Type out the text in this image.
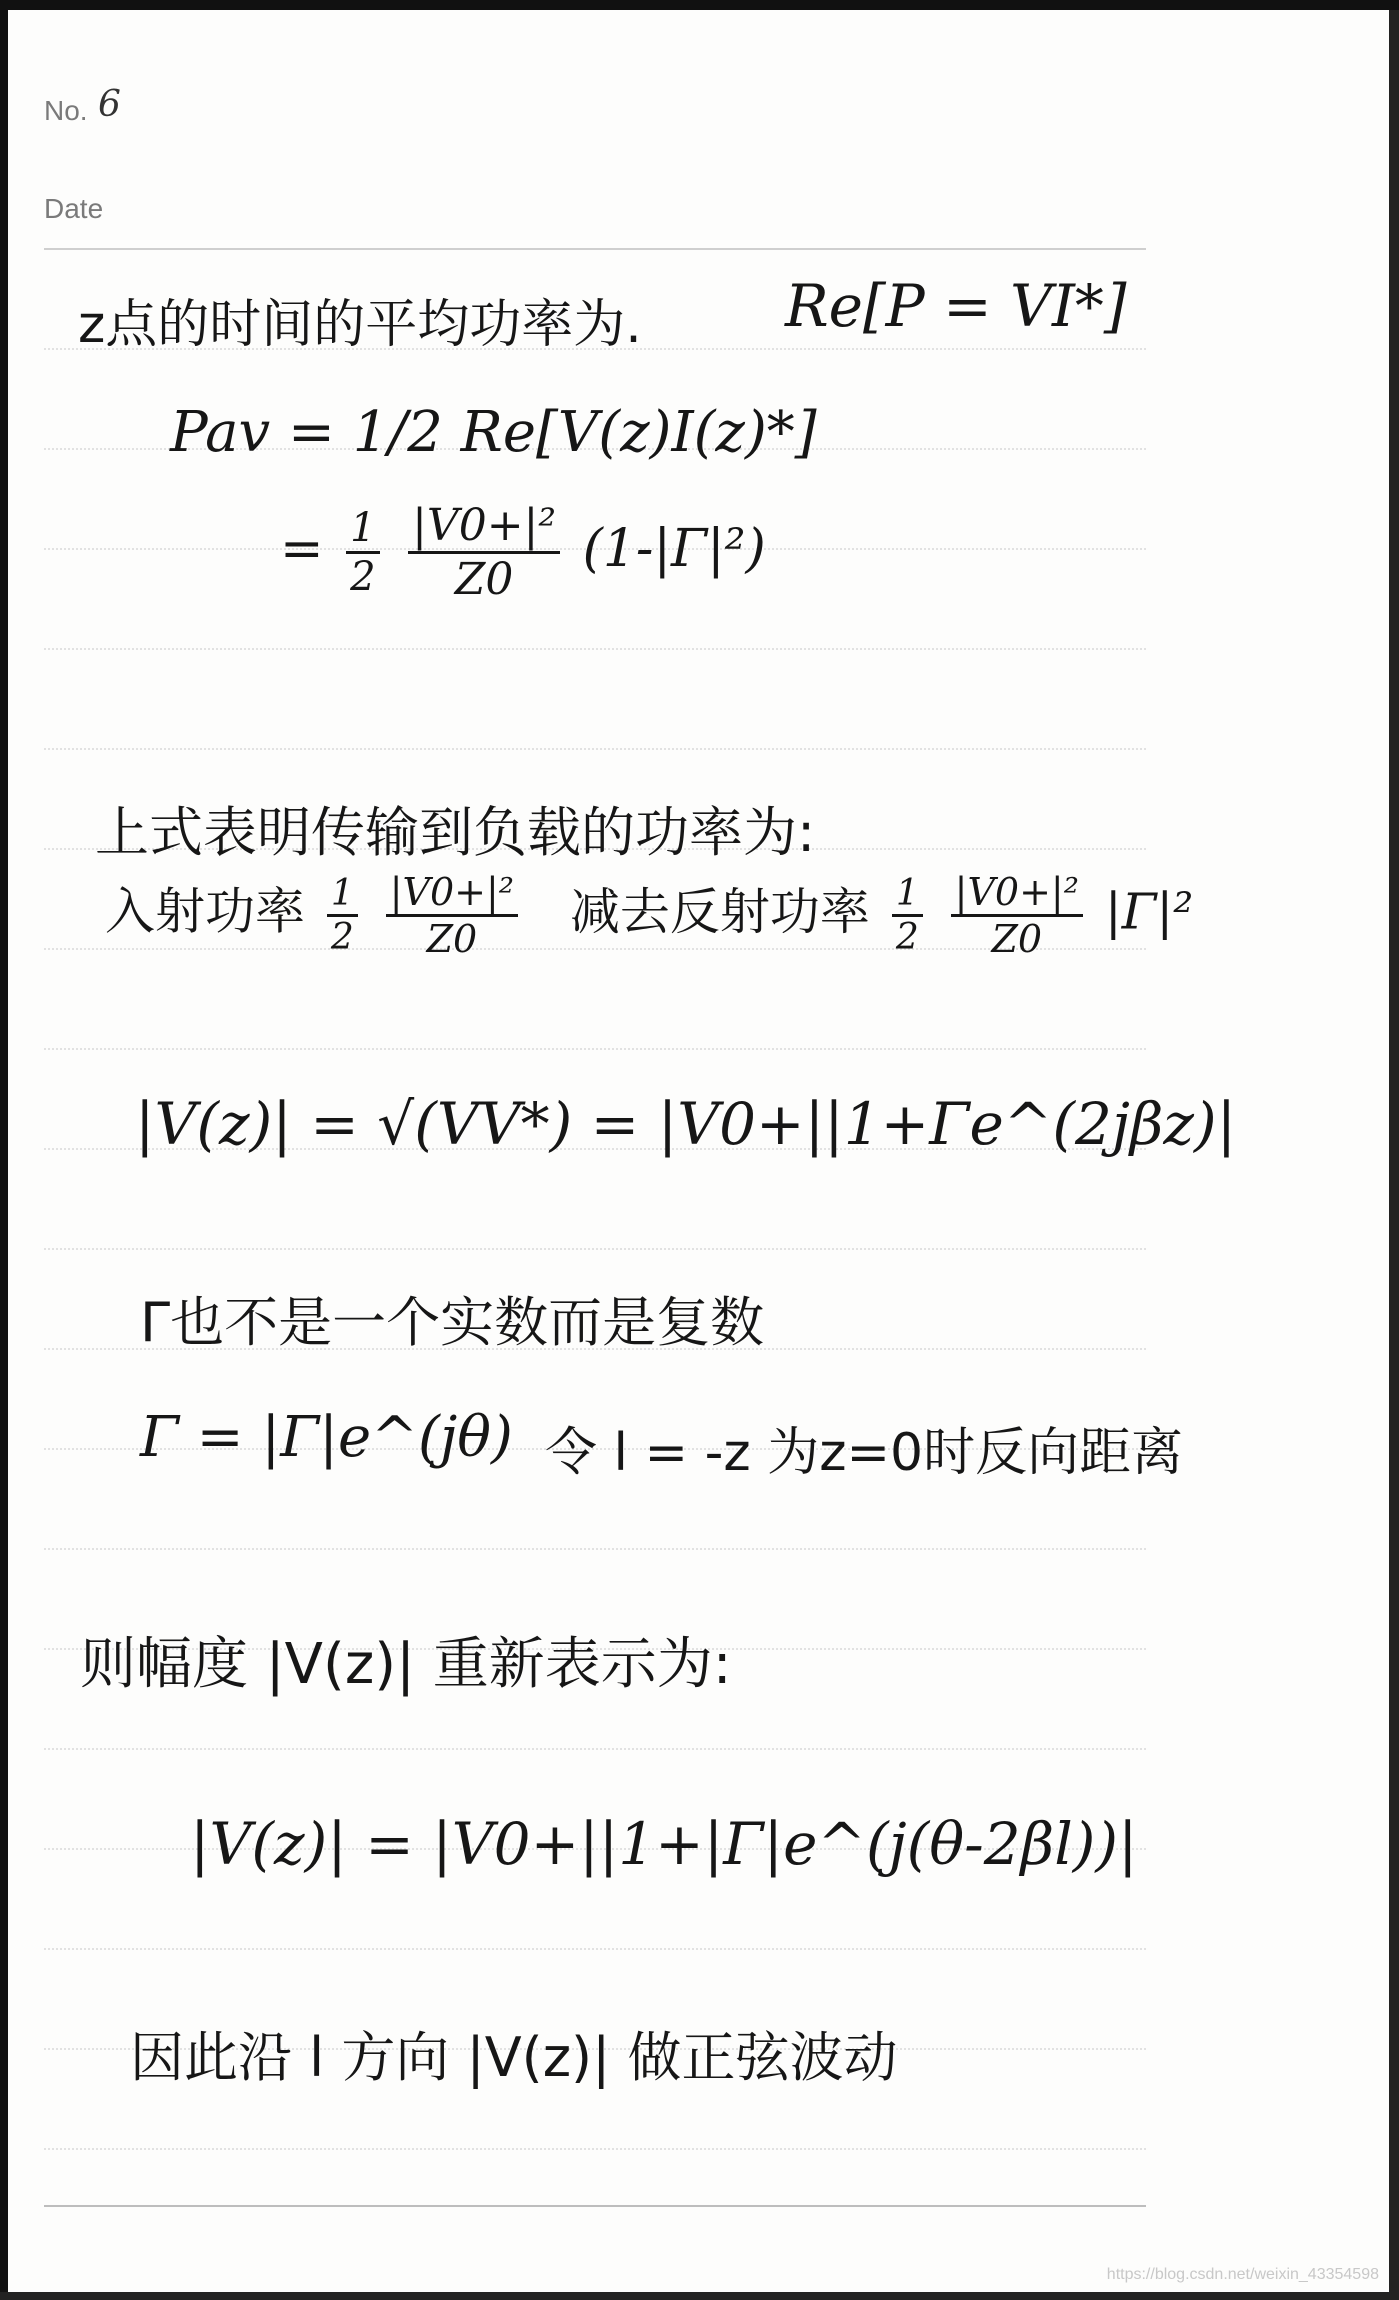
No. 6
Date
z点的时间的平均功率为. Re[P = VI*]
Pav = 1/2 Re[V(z)I(z)*]
= $\frac{1}{2}$
$\frac{\text{|V0+|²}}{Z0} (1-|\Gamma|^2)$
上式表明传输到负载的功率为:
入射功率 $\frac{1}{2}$
$\frac{\text{|V0+|²}}{Z0}$ 减去反射功率 $\frac{1}{2}$
$\frac{\text{|V0+|²}}{Z0} |\Gamma|^2$
|V(z)| = √(VV*) = |V0+||1+Γe^(2jβz)|
Γ也不是一个实数而是复数
Γ = |Γ|e^(jθ) 令 l = -z 为z=0时反向距离
则幅度 |V(z)| 重新表示为:
|V(z)| = |V0+||1+|Γ|e^(j(θ-2βl))|
因此沿 l 方向 |V(z)| 做正弦波动
https://blog.csdn.net/weixin_43354598
